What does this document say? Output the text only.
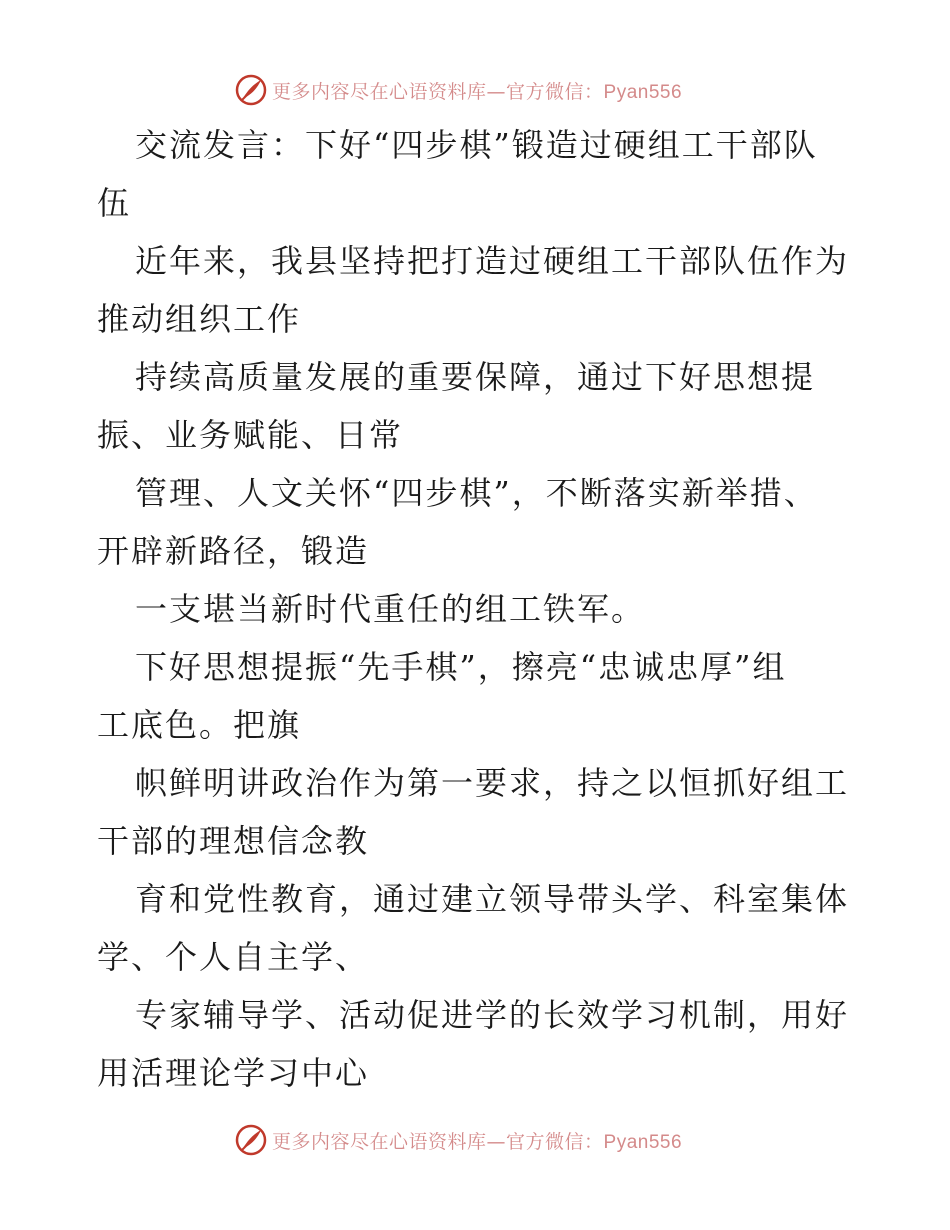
更多内容尽在心语资料库—官方微信：Pyan556
交流发言：下好“四步棋”锻造过硬组工干部队
伍
近年来，我县坚持把打造过硬组工干部队伍作为
推动组织工作
持续高质量发展的重要保障，通过下好思想提
振、业务赋能、日常
管理、人文关怀“四步棋”，不断落实新举措、
开辟新路径，锻造
一支堪当新时代重任的组工铁军。
下好思想提振“先手棋”，擦亮“忠诚忠厚”组
工底色。把旗
帜鲜明讲政治作为第一要求，持之以恒抓好组工
干部的理想信念教
育和党性教育，通过建立领导带头学、科室集体
学、个人自主学、
专家辅导学、活动促进学的长效学习机制，用好
用活理论学习中心
更多内容尽在心语资料库—官方微信：Pyan556
